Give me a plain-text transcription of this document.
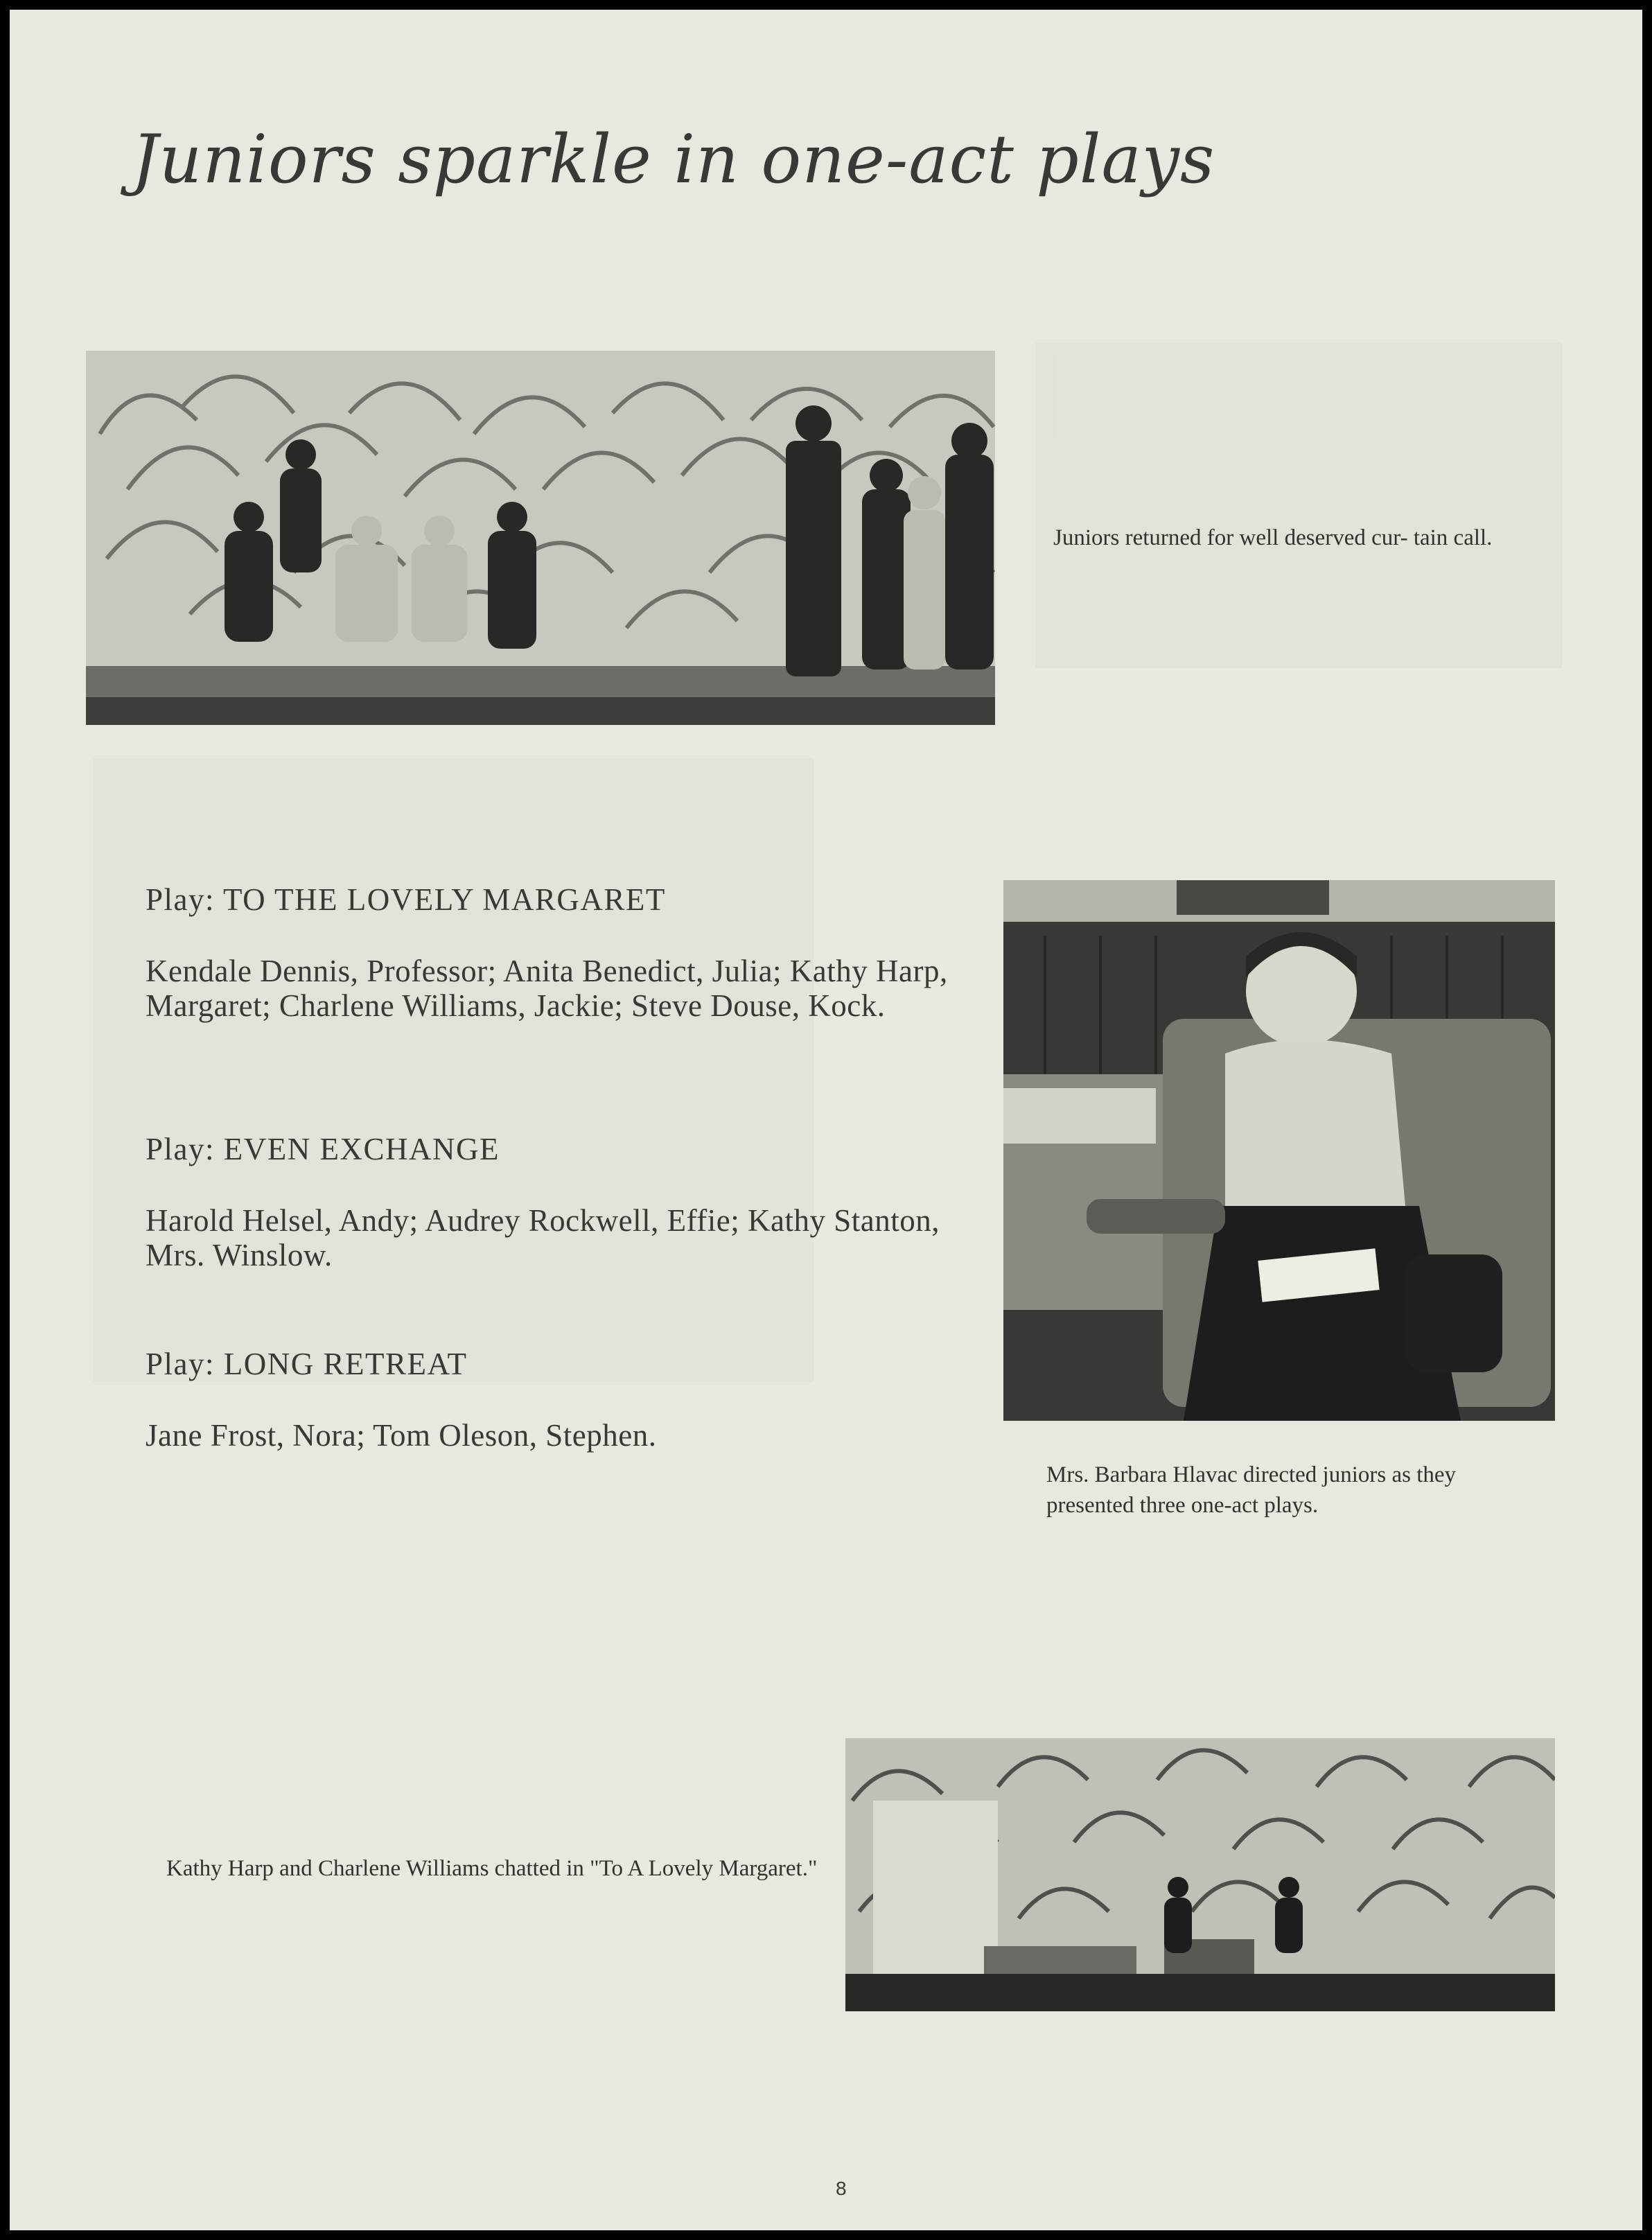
Juniors sparkle in one-act plays
Juniors returned for well deserved cur- tain call.
Play: TO THE LOVELY MARGARET
Kendale Dennis, Professor; Anita Benedict, Julia; Kathy Harp, Margaret; Charlene Williams, Jackie; Steve Douse, Kock.
Play: EVEN EXCHANGE
Harold Helsel, Andy; Audrey Rockwell, Effie; Kathy Stanton, Mrs. Winslow.
Play: LONG RETREAT
Jane Frost, Nora; Tom Oleson, Stephen.
Mrs. Barbara Hlavac directed juniors as they presented three one-act plays.
Kathy Harp and Charlene Williams chatted in "To A Lovely Margaret."
8
